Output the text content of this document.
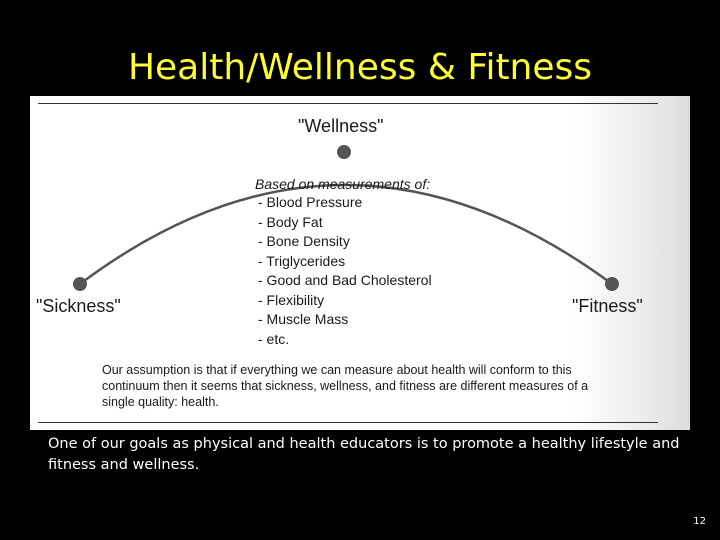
Health/Wellness & Fitness
"Wellness"
"Sickness"	"Fitness"
Based on measurements of:
- Blood Pressure
- Body Fat
- Bone Density
- Triglycerides
- Good and Bad Cholesterol
- Flexibility
- Muscle Mass
- etc.
Our assumption is that if everything we can measure about health will conform to this continuum then it seems that sickness, wellness, and fitness are different measures of a single quality: health.
One of our goals as physical and health educators is to promote a healthy lifestyle and fitness and wellness.
12
